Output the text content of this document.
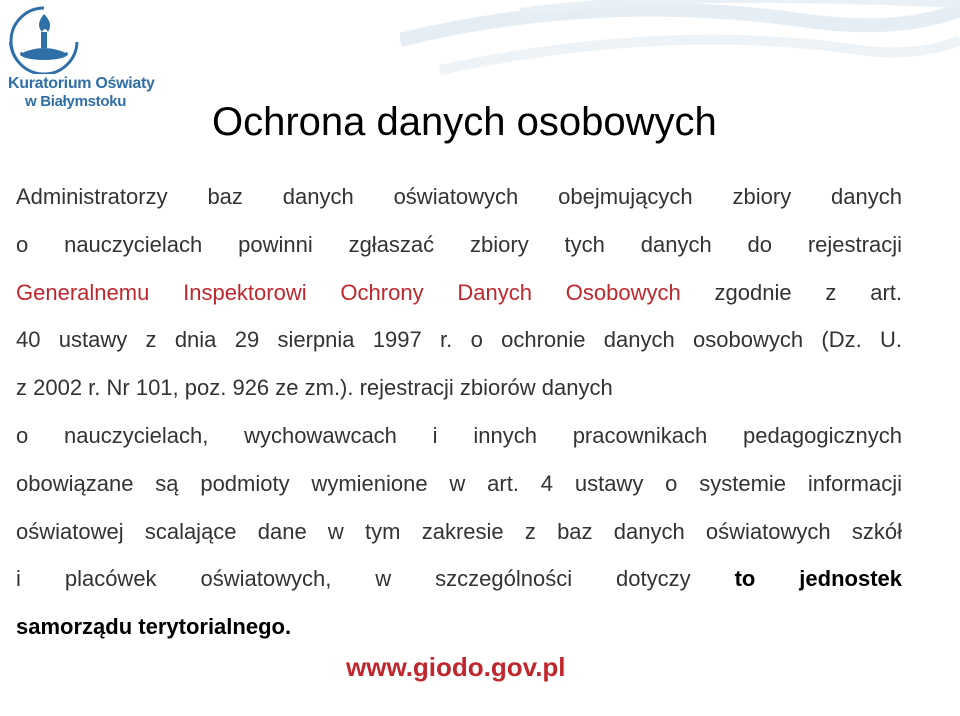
Kuratorium Oświaty
w Białymstoku Ochrona danych osobowych
Administratorzy baz danych oświatowych obejmujących zbiory danych
o nauczycielach powinni zgłaszać zbiory tych danych do rejestracji
Generalnemu Inspektorowi Ochrony Danych Osobowych zgodnie z art.
40 ustawy z dnia 29 sierpnia 1997 r. o ochronie danych osobowych (Dz. U.
z 2002 r. Nr 101, poz. 926 ze zm.). rejestracji zbiorów danych
o nauczycielach, wychowawcach i innych pracownikach pedagogicznych
obowiązane są podmioty wymienione w art. 4 ustawy o systemie informacji
oświatowej scalające dane w tym zakresie z baz danych oświatowych szkół
i placówek oświatowych, w szczególności dotyczy to jednostek
samorządu terytorialnego.
www.giodo.gov.pl
